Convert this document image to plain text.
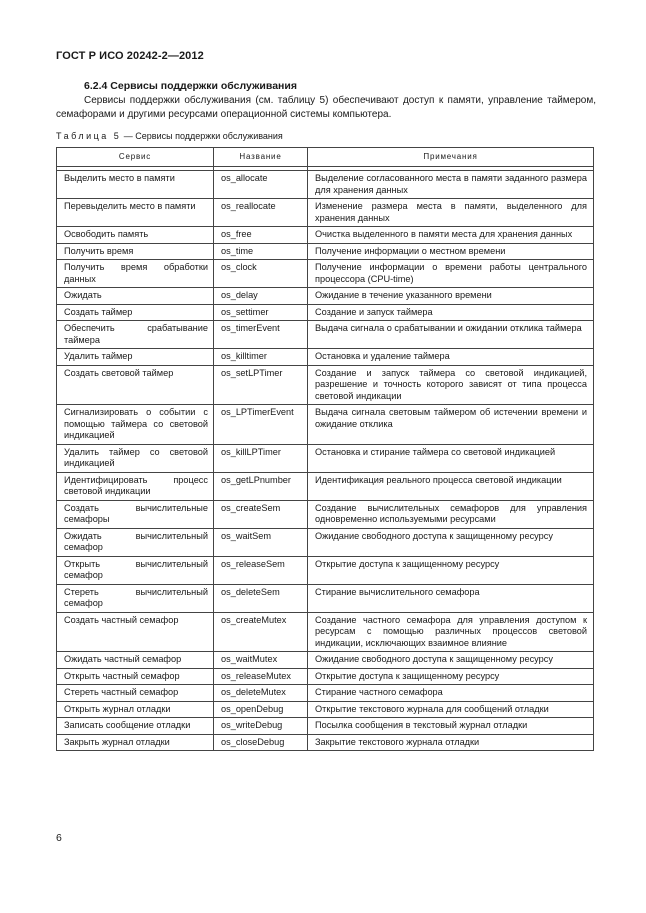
ГОСТ Р ИСО 20242-2—2012
6.2.4 Сервисы поддержки обслуживания
Сервисы поддержки обслуживания (см. таблицу 5) обеспечивают доступ к памяти, управление таймером, семафорами и другими ресурсами операционной системы компьютера.
Таблица 5 — Сервисы поддержки обслуживания
Сервис	Название	Примечания

Выделить место в памяти	os_allocate	Выделение согласованного места в памяти заданного размера для хранения данных
Перевыделить место в памяти	os_reallocate	Изменение размера места в памяти, выделенного для хранения данных
Освободить память	os_free	Очистка выделенного в памяти места для хранения данных
Получить время	os_time	Получение информации о местном времени
Получить время обработки данных	os_clock	Получение информации о времени работы центрального процессора (CPU-time)
Ожидать	os_delay	Ожидание в течение указанного времени
Создать таймер	os_settimer	Создание и запуск таймера
Обеспечить срабатывание таймера	os_timerEvent	Выдача сигнала о срабатывании и ожидании отклика таймера
Удалить таймер	os_killtimer	Остановка и удаление таймера
Создать световой таймер	os_setLPTimer	Создание и запуск таймера со световой индикацией, разрешение и точность которого зависят от типа процесса световой индикации
Сигнализировать о событии с помощью таймера со световой индикацией	os_LPTimerEvent	Выдача сигнала световым таймером об истечении времени и ожидание отклика
Удалить таймер со световой индикацией	os_killLPTimer	Остановка и стирание таймера со световой индикацией
Идентифицировать процесс световой индикации	os_getLPnumber	Идентификация реального процесса световой индикации
Создать вычислительные семафоры	os_createSem	Создание вычислительных семафоров для управления одновременно используемыми ресурсами
Ожидать вычислительный семафор	os_waitSem	Ожидание свободного доступа к защищенному ресурсу
Открыть вычислительный семафор	os_releaseSem	Открытие доступа к защищенному ресурсу
Стереть вычислительный семафор	os_deleteSem	Стирание вычислительного семафора
Создать частный семафор	os_createMutex	Создание частного семафора для управления доступом к ресурсам с помощью различных процессов световой индикации, исключающих взаимное влияние
Ожидать частный семафор	os_waitMutex	Ожидание свободного доступа к защищенному ресурсу
Открыть частный семафор	os_releaseMutex	Открытие доступа к защищенному ресурсу
Стереть частный семафор	os_deleteMutex	Стирание частного семафора
Открыть журнал отладки	os_openDebug	Открытие текстового журнала для сообщений отладки
Записать сообщение отладки	os_writeDebug	Посылка сообщения в текстовый журнал отладки
Закрыть журнал отладки	os_closeDebug	Закрытие текстового журнала отладки
6
